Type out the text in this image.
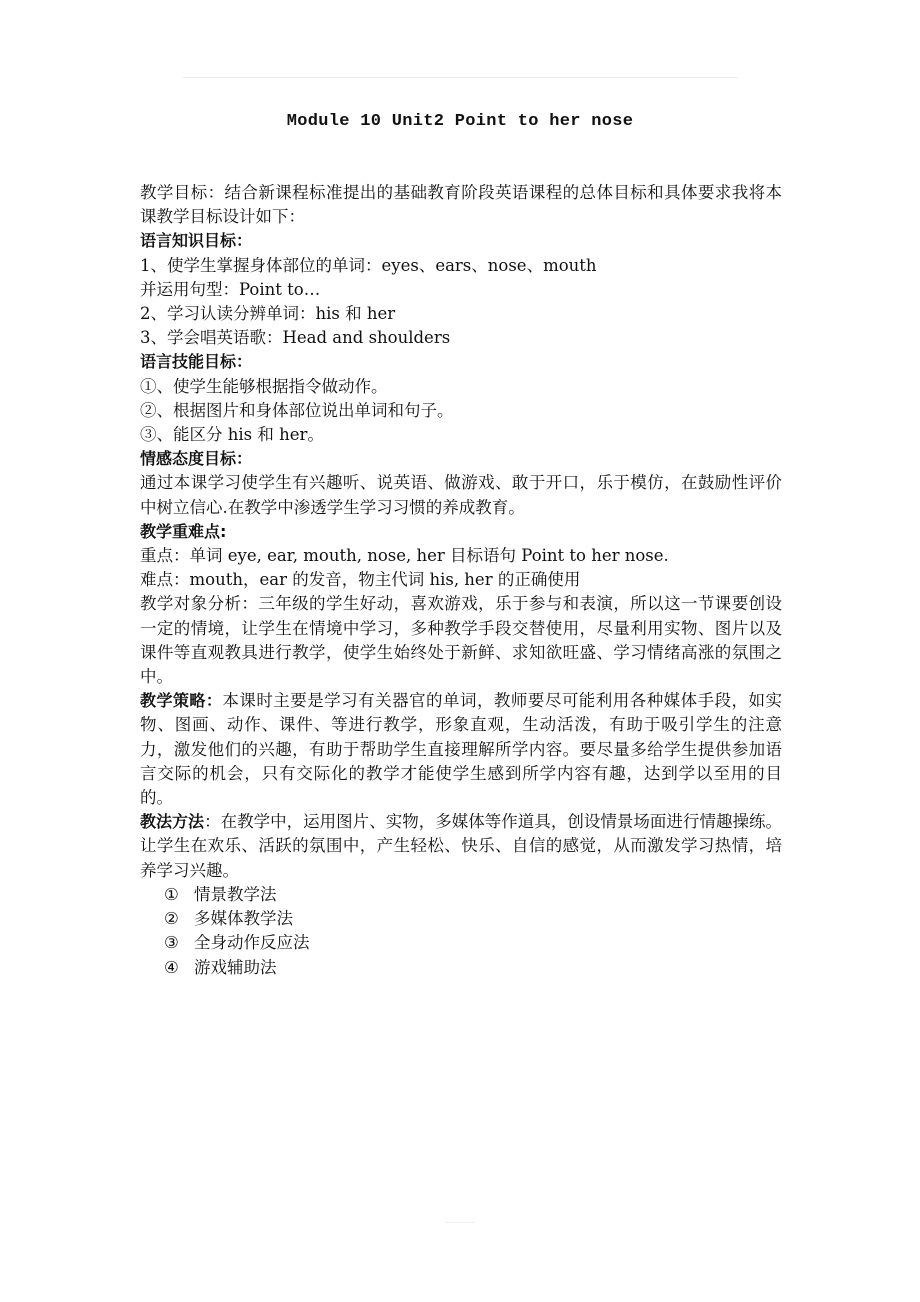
Module 10 Unit2 Point to her nose
教学目标：结合新课程标准提出的基础教育阶段英语课程的总体目标和具体要求我将本课教学目标设计如下：
语言知识目标：
1、使学生掌握身体部位的单词：eyes、ears、nose、mouth
并运用句型：Point to…
2、学习认读分辨单词：his 和 her
3、学会唱英语歌：Head and shoulders
语言技能目标：
①、使学生能够根据指令做动作。
②、根据图片和身体部位说出单词和句子。
③、能区分 his 和 her。
情感态度目标：
通过本课学习使学生有兴趣听、说英语、做游戏、敢于开口，乐于模仿，在鼓励性评价中树立信心.在教学中渗透学生学习习惯的养成教育。
教学重难点:
重点：单词 eye, ear, mouth, nose, her 目标语句 Point to her nose.
难点：mouth，ear 的发音，物主代词 his, her 的正确使用
教学对象分析：三年级的学生好动，喜欢游戏，乐于参与和表演，所以这一节课要创设一定的情境，让学生在情境中学习，多种教学手段交替使用，尽量利用实物、图片以及课件等直观教具进行教学，使学生始终处于新鲜、求知欲旺盛、学习情绪高涨的氛围之中。
教学策略：本课时主要是学习有关器官的单词，教师要尽可能利用各种媒体手段，如实物、图画、动作、课件、等进行教学，形象直观，生动活泼，有助于吸引学生的注意力，激发他们的兴趣，有助于帮助学生直接理解所学内容。要尽量多给学生提供参加语言交际的机会，只有交际化的教学才能使学生感到所学内容有趣，达到学以至用的目的。
教法方法：在教学中，运用图片、实物，多媒体等作道具，创设情景场面进行情趣操练。让学生在欢乐、活跃的氛围中，产生轻松、快乐、自信的感觉，从而激发学习热情，培养学习兴趣。
① 情景教学法
② 多媒体教学法
③ 全身动作反应法
④ 游戏辅助法
